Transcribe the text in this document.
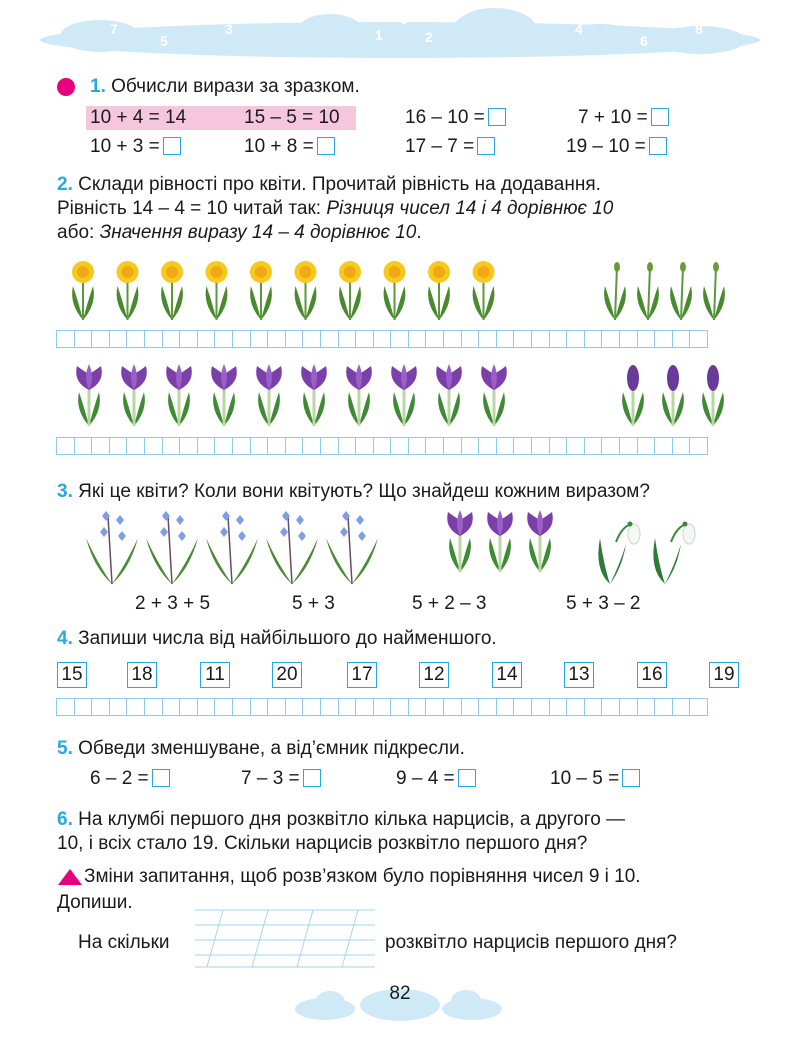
7
5
3	1
0
2	4
6
8
1. Обчисли вирази за зразком.
10 + 4 = 14	15 – 5 = 10	16 – 10 =	7 + 10 =
10 + 3 =	10 + 8 =	17 – 7 =	19 – 10 =
2. Склади рівності про квіти. Прочитай рівність на додавання.
Рівність 14 – 4 = 10 читай так: Різниця чисел 14 і 4 дорівнює 10
або: Значення виразу 14 – 4 дорівнює 10.
3. Які це квіти? Коли вони квітують? Що знайдеш кожним виразом?
2 + 3 + 5	5 + 3	5 + 2 – 3	5 + 3 – 2
4. Запиши числа від найбільшого до найменшого.
15	18	11	20	17	12	14	13	16	19
5. Обведи зменшуване, а від’ємник підкресли.
6 – 2 =	7 – 3 =	9 – 4 =	10 – 5 =
6. На клумбі першого дня розквітло кілька нарцисів, а другого —
10, і всіх стало 19. Скільки нарцисів розквітло першого дня?
Зміни запитання, щоб розв’язком було порівняння чисел 9 і 10.
Допиши.
На скільки	розквітло нарцисів першого дня?
82
